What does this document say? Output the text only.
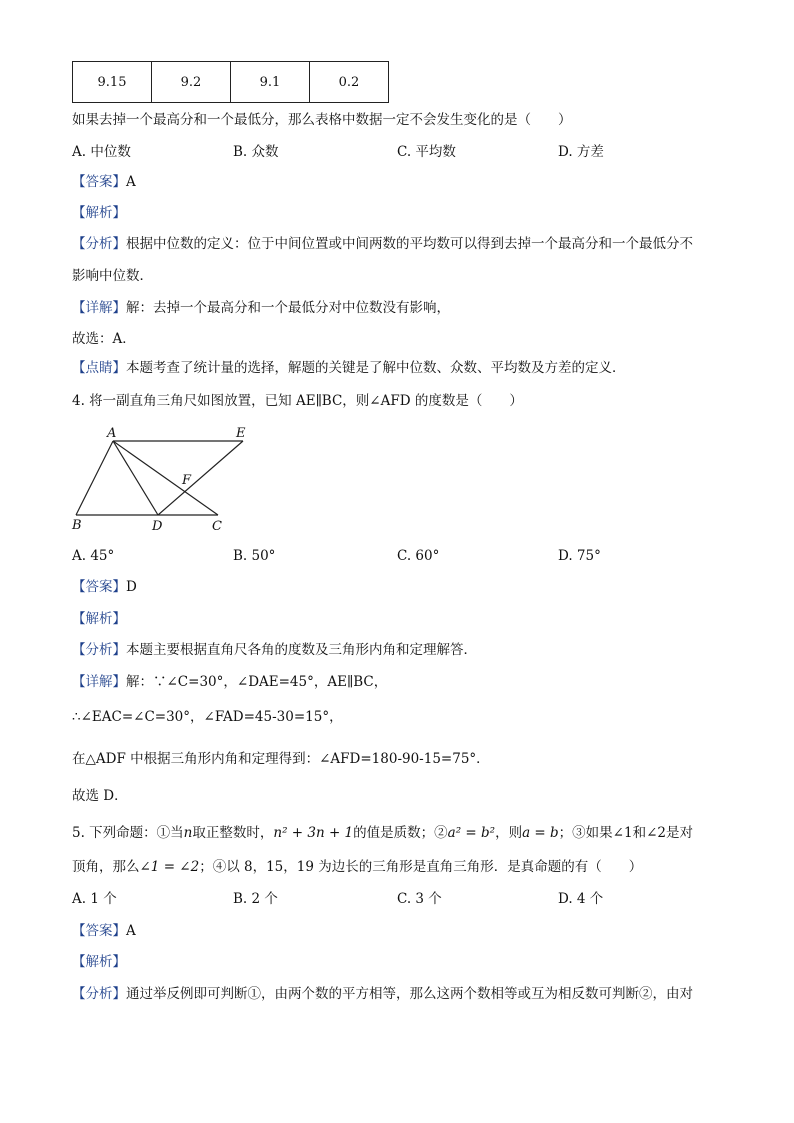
9.15	9.2	9.1	0.2
如果去掉一个最高分和一个最低分，那么表格中数据一定不会发生变化的是（　　）
A. 中位数	B. 众数	C. 平均数	D. 方差
【答案】A
【解析】
【分析】根据中位数的定义：位于中间位置或中间两数的平均数可以得到去掉一个最高分和一个最低分不
影响中位数．
【详解】解：去掉一个最高分和一个最低分对中位数没有影响，
故选：A．
【点睛】本题考查了统计量的选择，解题的关键是了解中位数、众数、平均数及方差的定义．
4. 将一副直角三角尺如图放置，已知 AE∥BC，则∠AFD 的度数是（　　）
A	E
F
B	D	C
A. 45°	B. 50°	C. 60°	D. 75°
【答案】D
【解析】
【分析】本题主要根据直角尺各角的度数及三角形内角和定理解答．
【详解】解：∵∠C=30°，∠DAE=45°，AE∥BC，
∴∠EAC=∠C=30°，∠FAD=45-30=15°，
在△ADF 中根据三角形内角和定理得到：∠AFD=180-90-15=75°．
故选 D．
5. 下列命题：①当n取正整数时，n² + 3n + 1的值是质数；②a² = b²，则a = b；③如果∠1和∠2是对
顶角，那么∠1 = ∠2；④以 8，15，19 为边长的三角形是直角三角形．是真命题的有（　　）
A. 1 个	B. 2 个	C. 3 个	D. 4 个
【答案】A
【解析】
【分析】通过举反例即可判断①，由两个数的平方相等，那么这两个数相等或互为相反数可判断②，由对
